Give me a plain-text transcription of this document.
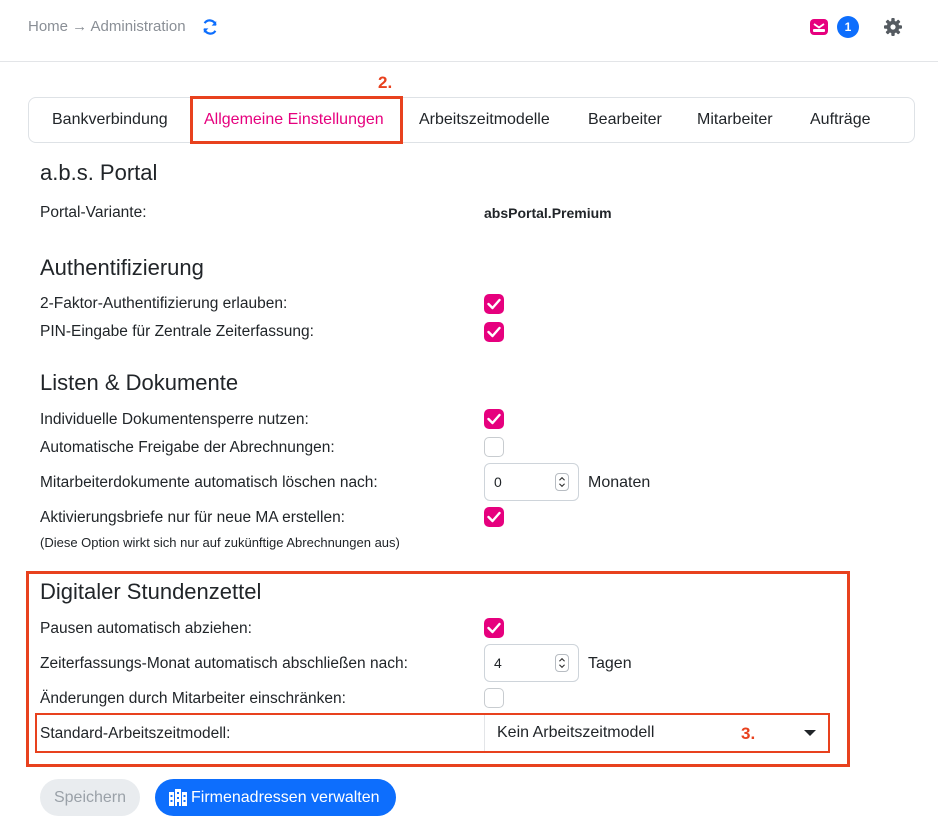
Home → Administration	1
2.
Bankverbindung Allgemeine Einstellungen Arbeitszeitmodelle Bearbeiter Mitarbeiter Aufträge
a.b.s. Portal
Portal-Variante:	absPortal.Premium
Authentifizierung
2-Faktor-Authentifizierung erlauben:
PIN-Eingabe für Zentrale Zeiterfassung:
Listen & Dokumente
Individuelle Dokumentensperre nutzen:
Automatische Freigabe der Abrechnungen:
Mitarbeiterdokumente automatisch löschen nach:	0	Monaten
Aktivierungsbriefe nur für neue MA erstellen:
(Diese Option wirkt sich nur auf zukünftige Abrechnungen aus)
Digitaler Stundenzettel
Pausen automatisch abziehen:
Zeiterfassungs-Monat automatisch abschließen nach:	4	Tagen
Änderungen durch Mitarbeiter einschränken:
Standard-Arbeitszeitmodell:	Kein Arbeitszeitmodell	3.
Speichern	Firmenadressen verwalten
